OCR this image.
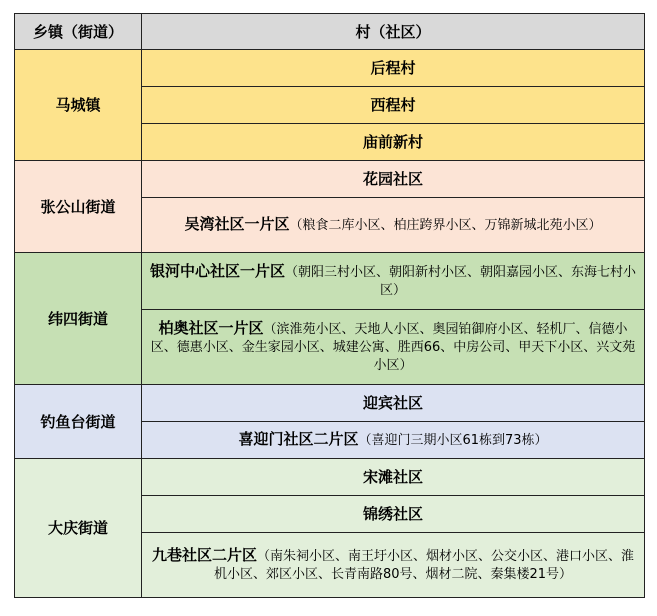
乡镇（街道）	村（社区）
马城镇	后程村
	西程村
	庙前新村
张公山街道	花园社区
	吴湾社区一片区（粮食二库小区、柏庄跨界小区、万锦新城北苑小区）
纬四街道	银河中心社区一片区（朝阳三村小区、朝阳新村小区、朝阳嘉园小区、东海七村小区）
	柏奥社区一片区（滨淮苑小区、天地人小区、奥园铂御府小区、轻机厂、信德小区、德惠小区、金生家园小区、城建公寓、胜西66、中房公司、甲天下小区、兴文苑小区）
钓鱼台街道	迎宾社区
	喜迎门社区二片区（喜迎门三期小区61栋到73栋）
大庆街道	宋滩社区
	锦绣社区
	九巷社区二片区（南朱祠小区、南王圩小区、烟材小区、公交小区、港口小区、淮机小区、郊区小区、长青南路80号、烟材二院、秦集楼21号）
